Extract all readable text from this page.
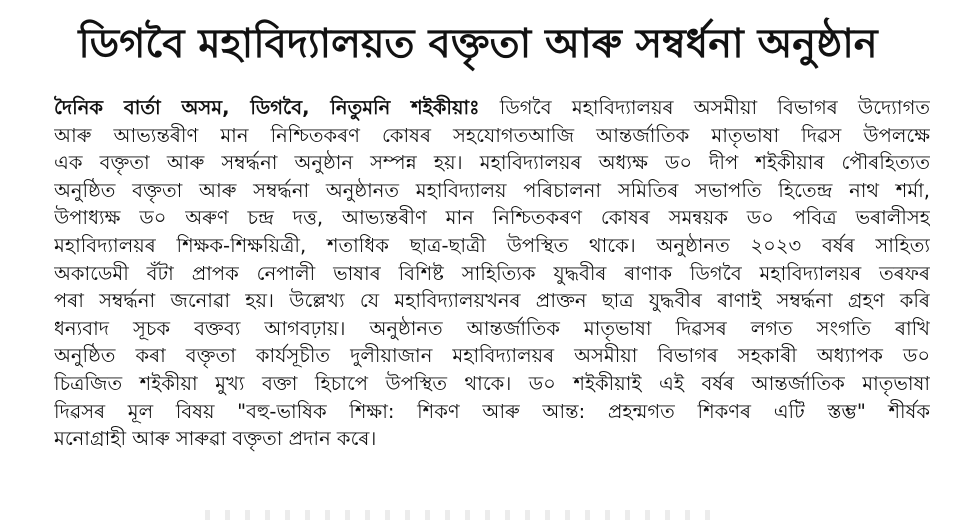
ডিগবৈ মহাবিদ্যালয়ত বক্তৃতা আৰু সম্বৰ্ধনা অনুষ্ঠান
দৈনিক বাৰ্তা অসম, ডিগবৈ, নিতুমনি শইকীয়াঃ ডিগবৈ মহাবিদ্যালয়ৰ অসমীয়া বিভাগৰ উদ্যোগত
আৰু আভ্যন্তৰীণ মান নিশ্চিতকৰণ কোষৰ সহযোগতআজি আন্তৰ্জাতিক মাতৃভাষা দিৱস উপলক্ষে
এক বক্তৃতা আৰু সম্বৰ্দ্ধনা অনুষ্ঠান সম্পন্ন হয়। মহাবিদ্যালয়ৰ অধ্যক্ষ ড০ দীপ শইকীয়াৰ পৌৰহিত্যত
অনুষ্ঠিত বক্তৃতা আৰু সম্বৰ্দ্ধনা অনুষ্ঠানত মহাবিদ্যালয় পৰিচালনা সমিতিৰ সভাপতি হিতেন্দ্ৰ নাথ শৰ্মা,
উপাধ্যক্ষ ড০ অৰুণ চন্দ্ৰ দত্ত, আভ্যন্তৰীণ মান নিশ্চিতকৰণ কোষৰ সমন্বয়ক ড০ পবিত্ৰ ভৰালীসহ
মহাবিদ্যালয়ৰ শিক্ষক-শিক্ষয়িত্ৰী, শতাধিক ছাত্ৰ-ছাত্ৰী উপস্থিত থাকে। অনুষ্ঠানত ২০২৩ বৰ্ষৰ সাহিত্য
অকাডেমী বঁটা প্ৰাপক নেপালী ভাষাৰ বিশিষ্ট সাহিত্যিক যুদ্ধবীৰ ৰাণাক ডিগবৈ মহাবিদ্যালয়ৰ তৰফৰ
পৰা সম্বৰ্দ্ধনা জনোৱা হয়। উল্লেখ্য যে মহাবিদ্যালয়খনৰ প্ৰাক্তন ছাত্ৰ যুদ্ধবীৰ ৰাণাই সম্বৰ্দ্ধনা গ্ৰহণ কৰি
ধন্যবাদ সূচক বক্তব্য আগবঢ়ায়। অনুষ্ঠানত আন্তৰ্জাতিক মাতৃভাষা দিৱসৰ লগত সংগতি ৰাখি
অনুষ্ঠিত কৰা বক্তৃতা কাৰ্যসূচীত দুলীয়াজান মহাবিদ্যালয়ৰ অসমীয়া বিভাগৰ সহকাৰী অধ্যাপক ড০
চিত্ৰজিত শইকীয়া মুখ্য বক্তা হিচাপে উপস্থিত থাকে। ড০ শইকীয়াই এই বৰ্ষৰ আন্তৰ্জাতিক মাতৃভাষা
দিৱসৰ মূল বিষয় "বহু-ভাষিক শিক্ষা: শিকণ আৰু আন্ত: প্ৰহন্মগত শিকণৰ এটি স্তম্ভ" শীৰ্ষক
মনোগ্ৰাহী আৰু সাৰুৱা বক্তৃতা প্ৰদান কৰে।
